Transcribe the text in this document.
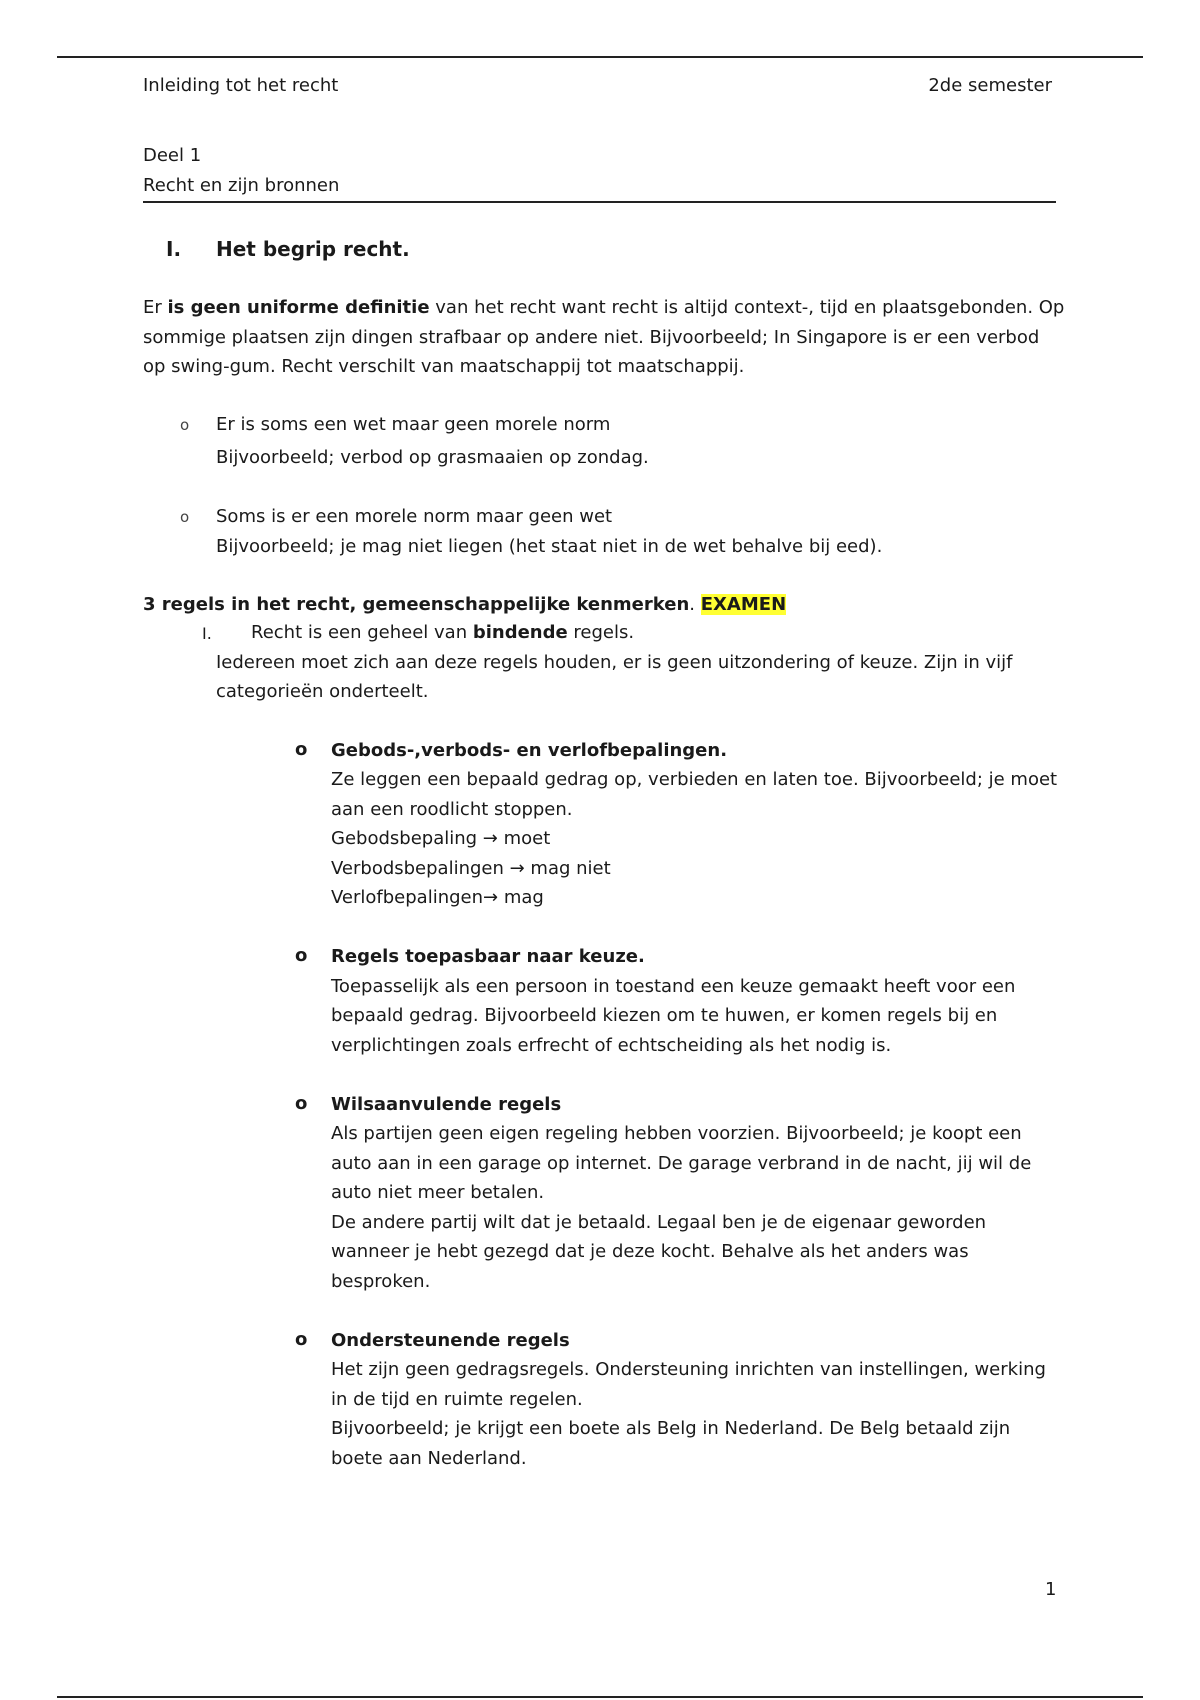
Inleiding tot het recht	2de semester
Deel 1
Recht en zijn bronnen
I. Het begrip recht.
Er is geen uniforme definitie van het recht want recht is altijd context-, tijd en plaatsgebonden. Op
sommige plaatsen zijn dingen strafbaar op andere niet. Bijvoorbeeld; In Singapore is er een verbod
op swing-gum. Recht verschilt van maatschappij tot maatschappij.
o Er is soms een wet maar geen morele norm
Bijvoorbeeld; verbod op grasmaaien op zondag.
o Soms is er een morele norm maar geen wet
Bijvoorbeeld; je mag niet liegen (het staat niet in de wet behalve bij eed).
3 regels in het recht, gemeenschappelijke kenmerken. EXAMEN
I. Recht is een geheel van bindende regels.
Iedereen moet zich aan deze regels houden, er is geen uitzondering of keuze. Zijn in vijf
categorieën onderteelt.
o Gebods-,verbods- en verlofbepalingen.
Ze leggen een bepaald gedrag op, verbieden en laten toe. Bijvoorbeeld; je moet
aan een roodlicht stoppen.
Gebodsbepaling → moet
Verbodsbepalingen → mag niet
Verlofbepalingen→ mag
o Regels toepasbaar naar keuze.
Toepasselijk als een persoon in toestand een keuze gemaakt heeft voor een
bepaald gedrag. Bijvoorbeeld kiezen om te huwen, er komen regels bij en
verplichtingen zoals erfrecht of echtscheiding als het nodig is.
o Wilsaanvulende regels
Als partijen geen eigen regeling hebben voorzien. Bijvoorbeeld; je koopt een
auto aan in een garage op internet. De garage verbrand in de nacht, jij wil de
auto niet meer betalen.
De andere partij wilt dat je betaald. Legaal ben je de eigenaar geworden
wanneer je hebt gezegd dat je deze kocht. Behalve als het anders was
besproken.
o Ondersteunende regels
Het zijn geen gedragsregels. Ondersteuning inrichten van instellingen, werking
in de tijd en ruimte regelen.
Bijvoorbeeld; je krijgt een boete als Belg in Nederland. De Belg betaald zijn
boete aan Nederland.
1
